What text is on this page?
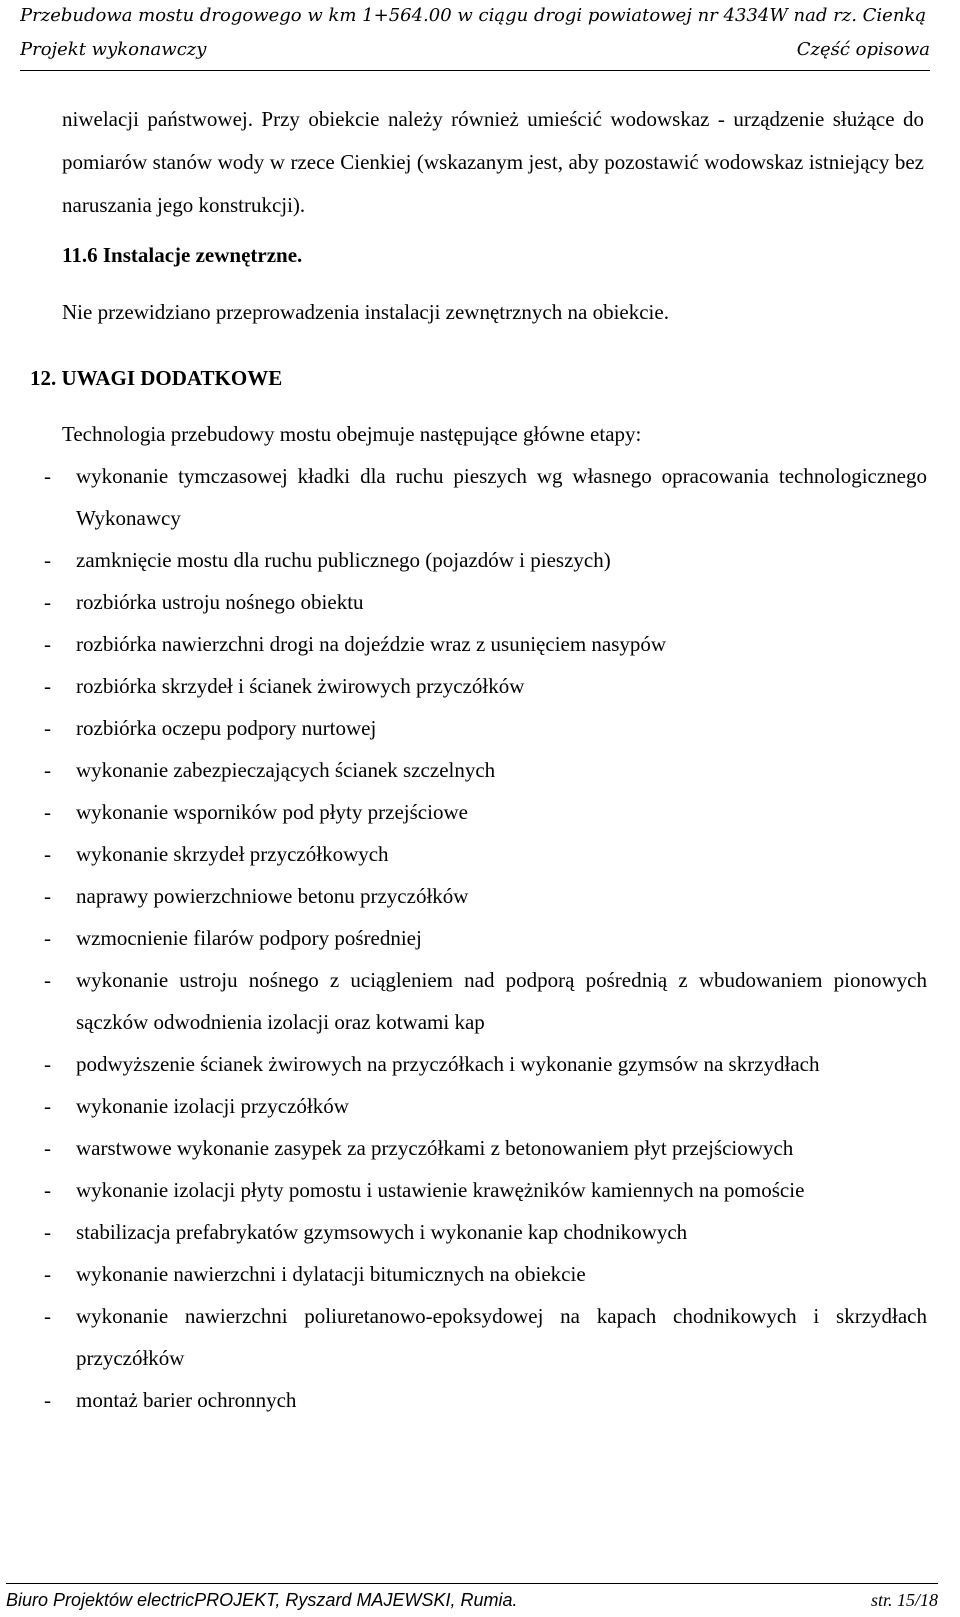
Przebudowa mostu drogowego w km 1+564.00 w ciągu drogi powiatowej nr 4334W nad rz. Cienką
Projekt wykonawczy	Część opisowa
niwelacji państwowej. Przy obiekcie należy również umieścić wodowskaz - urządzenie służące do pomiarów stanów wody w rzece Cienkiej (wskazanym jest, aby pozostawić wodowskaz istniejący bez naruszania jego konstrukcji).
11.6 Instalacje zewnętrzne.
Nie przewidziano przeprowadzenia instalacji zewnętrznych na obiekcie.
12. UWAGI DODATKOWE
Technologia przebudowy mostu obejmuje następujące główne etapy:
- wykonanie tymczasowej kładki dla ruchu pieszych wg własnego opracowania technologicznego Wykonawcy
- zamknięcie mostu dla ruchu publicznego (pojazdów i pieszych)
- rozbiórka ustroju nośnego obiektu
- rozbiórka nawierzchni drogi na dojeździe wraz z usunięciem nasypów
- rozbiórka skrzydeł i ścianek żwirowych przyczółków
- rozbiórka oczepu podpory nurtowej
- wykonanie zabezpieczających ścianek szczelnych
- wykonanie wsporników pod płyty przejściowe
- wykonanie skrzydeł przyczółkowych
- naprawy powierzchniowe betonu przyczółków
- wzmocnienie filarów podpory pośredniej
- wykonanie ustroju nośnego z uciągleniem nad podporą pośrednią z wbudowaniem pionowych sączków odwodnienia izolacji oraz kotwami kap
- podwyższenie ścianek żwirowych na przyczółkach i wykonanie gzymsów na skrzydłach
- wykonanie izolacji przyczółków
- warstwowe wykonanie zasypek za przyczółkami z betonowaniem płyt przejściowych
- wykonanie izolacji płyty pomostu i ustawienie krawężników kamiennych na pomoście
- stabilizacja prefabrykatów gzymsowych i wykonanie kap chodnikowych
- wykonanie nawierzchni i dylatacji bitumicznych na obiekcie
- wykonanie nawierzchni poliuretanowo-epoksydowej na kapach chodnikowych i skrzydłach przyczółków
- montaż barier ochronnych
Biuro Projektów electricPROJEKT, Ryszard MAJEWSKI, Rumia.	str. 15/18
